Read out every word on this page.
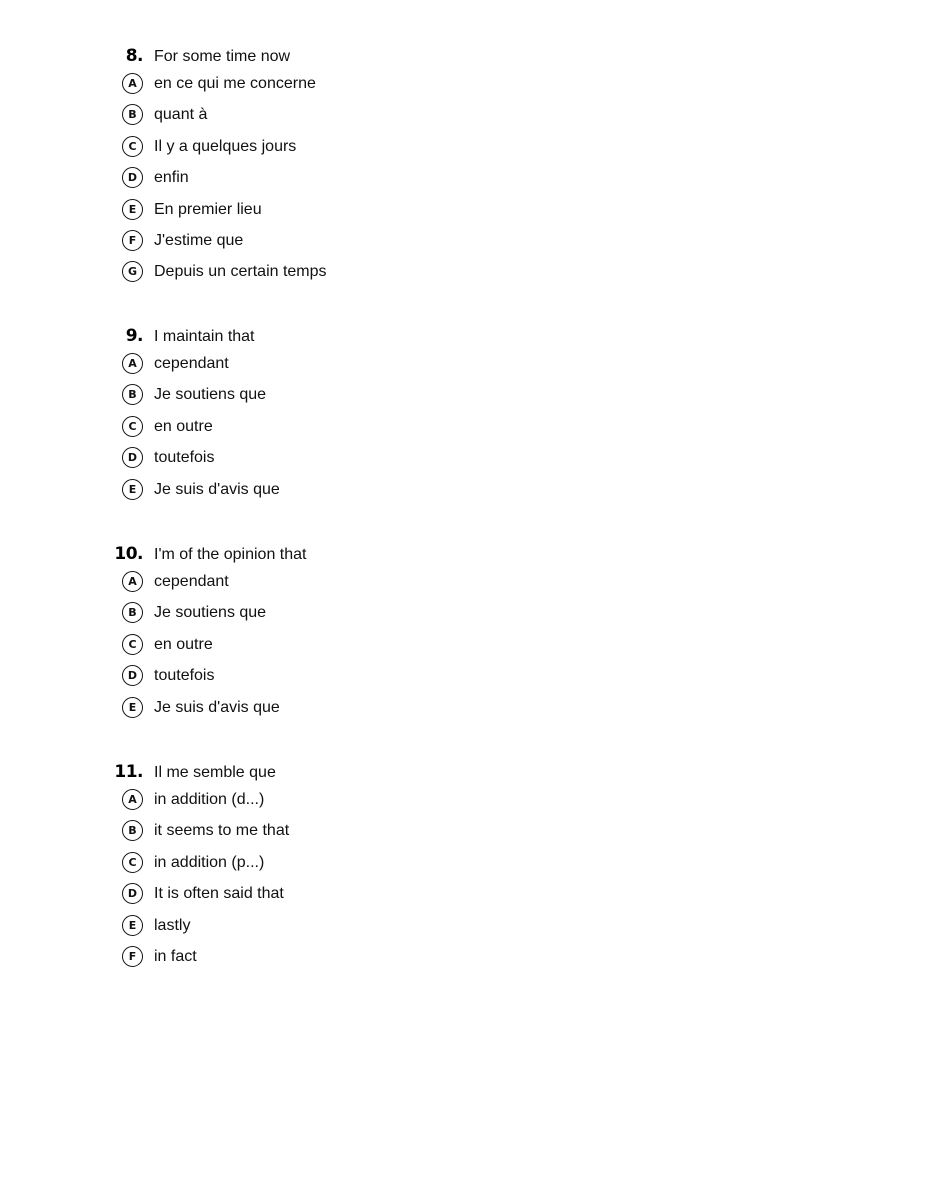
8. For some time now
A	en ce qui me concerne
B	quant à
C	Il y a quelques jours
D	enfin
E	En premier lieu
F	J'estime que
G	Depuis un certain temps
9. I maintain that
A	cependant
B	Je soutiens que
C	en outre
D	toutefois
E	Je suis d'avis que
10. I'm of the opinion that
A	cependant
B	Je soutiens que
C	en outre
D	toutefois
E	Je suis d'avis que
11. Il me semble que
A	in addition (d...)
B	it seems to me that
C	in addition (p...)
D	It is often said that
E	lastly
F	in fact
